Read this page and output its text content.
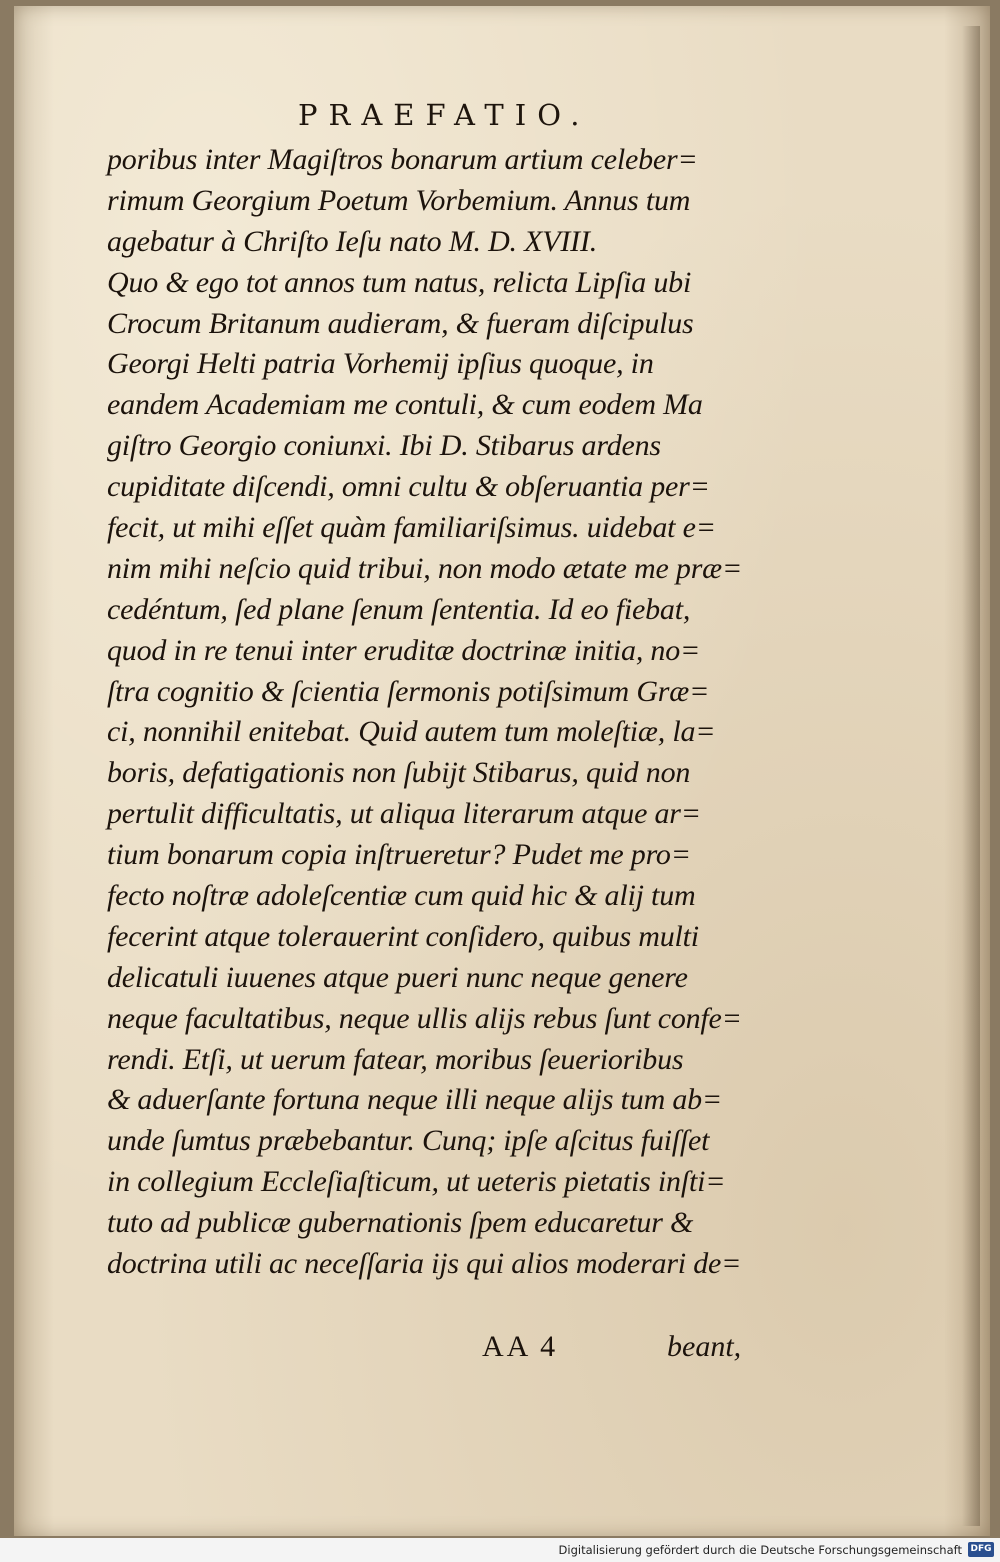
PRAEFATIO.
poribus inter Magiſtros bonarum artium celeber=
rimum Georgium Poetum Vorbemium. Annus tum
agebatur à Chriſto Ieſu nato M. D. XVIII.
Quo & ego tot annos tum natus, relicta Lipſia ubi
Crocum Britanum audieram, & fueram diſcipulus
Georgi Helti patria Vorhemij ipſius quoque, in
eandem Academiam me contuli, & cum eodem Ma
giſtro Georgio coniunxi. Ibi D. Stibarus ardens
cupiditate diſcendi, omni cultu & obſeruantia per=
fecit, ut mihi eſſet quàm familiariſsimus. uidebat e=
nim mihi neſcio quid tribui, non modo ætate me præ=
cedéntum, ſed plane ſenum ſententia. Id eo fiebat,
quod in re tenui inter eruditæ doctrinæ initia, no=
ſtra cognitio & ſcientia ſermonis potiſsimum Græ=
ci, nonnihil enitebat. Quid autem tum moleſtiæ, la=
boris, defatigationis non ſubijt Stibarus, quid non
pertulit difficultatis, ut aliqua literarum atque ar=
tium bonarum copia inſtrueretur? Pudet me pro=
fecto noſtræ adoleſcentiæ cum quid hic & alij tum
fecerint atque tolerauerint conſidero, quibus multi
delicatuli iuuenes atque pueri nunc neque genere
neque facultatibus, neque ullis alijs rebus ſunt confe=
rendi. Etſi, ut uerum fatear, moribus ſeuerioribus
& aduerſante fortuna neque illi neque alijs tum ab=
unde ſumtus præbebantur. Cunq; ipſe aſcitus fuiſſet
in collegium Eccleſiaſticum, ut ueteris pietatis inſti=
tuto ad publicæ gubernationis ſpem educaretur &
doctrina utili ac neceſſaria ijs qui alios moderari de=
AA 4	beant,
Digitalisierung gefördert durch die Deutsche Forschungsgemeinschaft DFG
